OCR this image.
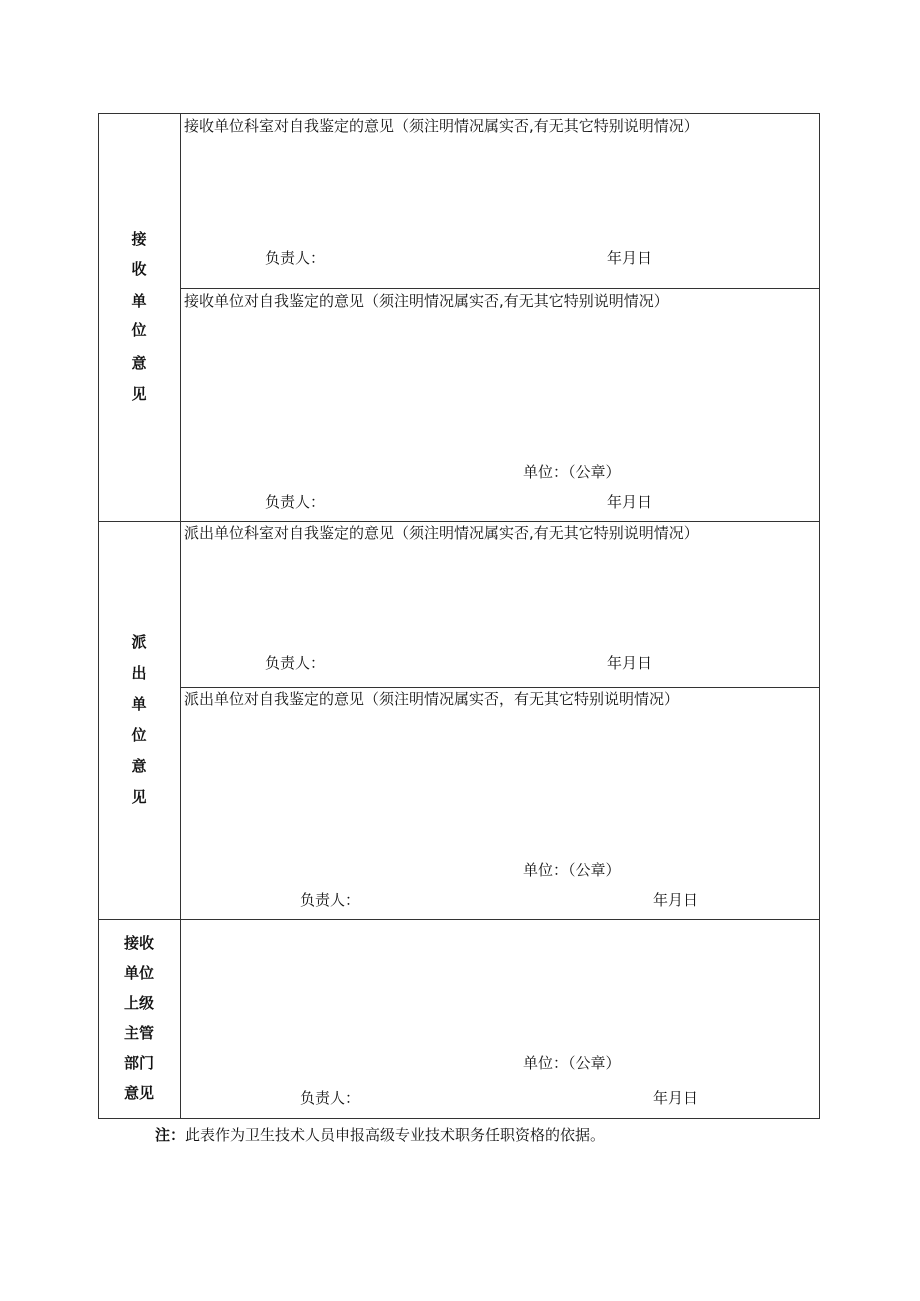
接
收
单
位
意
见
接收单位科室对自我鉴定的意见（须注明情况属实否,有无其它特别说明情况）
负责人：	年月日
接收单位对自我鉴定的意见（须注明情况属实否,有无其它特别说明情况）
单位：（公章）
负责人：	年月日
派
出
单
位
意
见
派出单位科室对自我鉴定的意见（须注明情况属实否,有无其它特别说明情况）
负责人：	年月日
派出单位对自我鉴定的意见（须注明情况属实否，有无其它特别说明情况）
单位：（公章）
负责人：	年月日
接收
单位
上级
主管
部门
意见
单位：（公章）
负责人：	年月日
注：此表作为卫生技术人员申报高级专业技术职务任职资格的依据。
